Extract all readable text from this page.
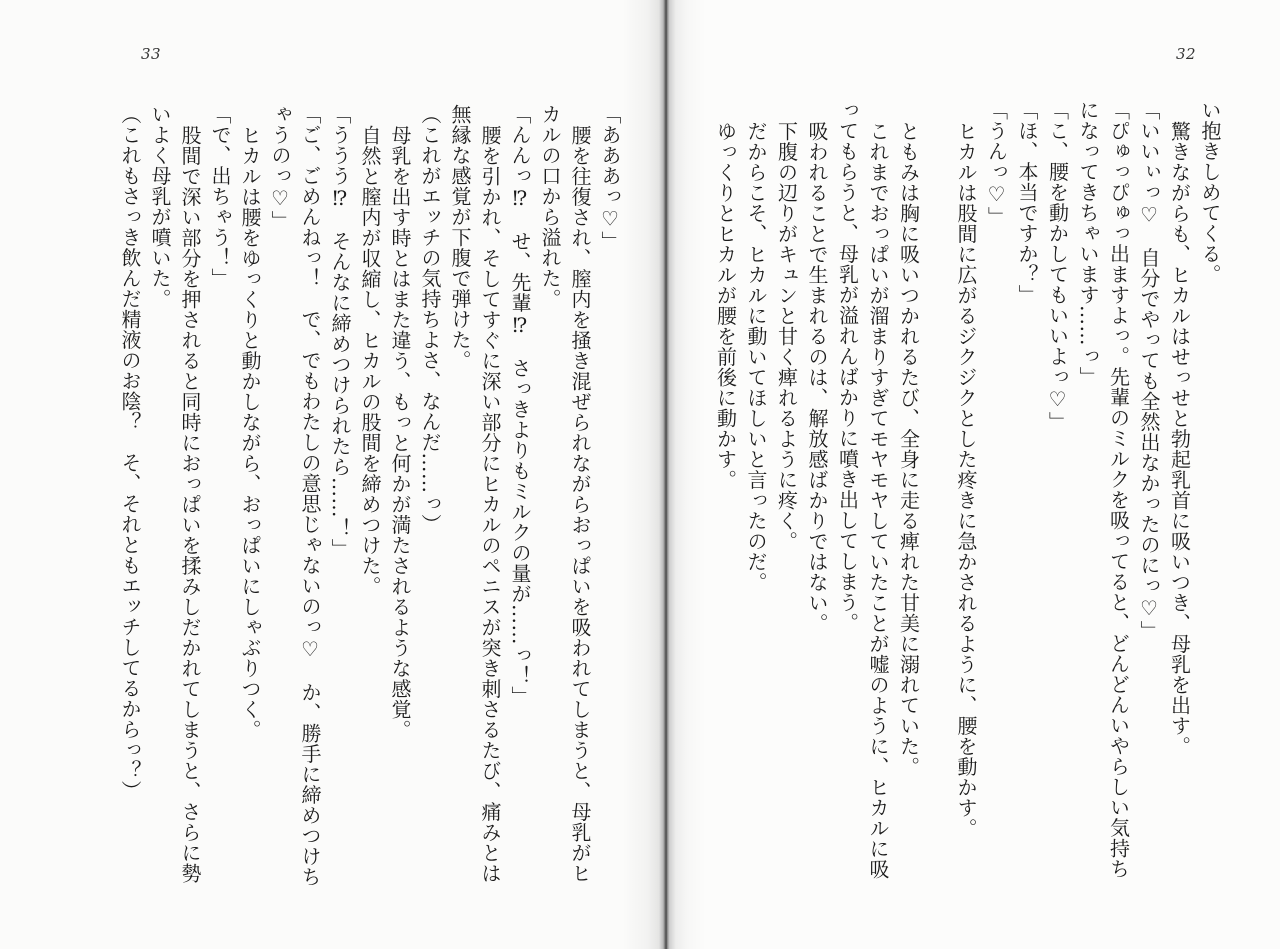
33	32
「あああっ♡」
腰を往復され、膣内を掻き混ぜられながらおっぱいを吸われてしまうと、母乳がヒ
カルの口から溢れた。
「んんっ⁉　せ、先輩⁉　さっきよりもミルクの量が……っ！」
腰を引かれ、そしてすぐに深い部分にヒカルのペニスが突き刺さるたび、痛みとは
無縁な感覚が下腹で弾けた。
（これがエッチの気持ちよさ、なんだ……っ）
母乳を出す時とはまた違う、もっと何かが満たされるような感覚。
自然と膣内が収縮し、ヒカルの股間を締めつけた。
「ううう⁉　そんなに締めつけられたら……！」
「ご、ごめんねっ！　で、でもわたしの意思じゃないのっ♡　か、勝手に締めつけち
ゃうのっ♡」
ヒカルは腰をゆっくりと動かしながら、おっぱいにしゃぶりつく。
「で、出ちゃう！」
股間で深い部分を押されると同時におっぱいを揉みしだかれてしまうと、さらに勢
いよく母乳が噴いた。
（これもさっき飲んだ精液のお陰？　そ、それともエッチしてるからっ？）	い抱きしめてくる。
驚きながらも、ヒカルはせっせと勃起乳首に吸いつき、母乳を出す。
「いいぃっ♡　自分でやっても全然出なかったのにっ♡」
「ぴゅっぴゅっ出ますよっ。先輩のミルクを吸ってると、どんどんいやらしい気持ち
になってきちゃいます……っ」
「こ、腰を動かしてもいいよっ♡」
「ほ、本当ですか？」
「うんっ♡」
ヒカルは股間に広がるジクジクとした疼きに急かされるように、腰を動かす。
ともみは胸に吸いつかれるたび、全身に走る痺れた甘美に溺れていた。
これまでおっぱいが溜まりすぎてモヤモヤしていたことが嘘のように、ヒカルに吸
ってもらうと、母乳が溢れんばかりに噴き出してしまう。
吸われることで生まれるのは、解放感ばかりではない。
下腹の辺りがキュンと甘く痺れるように疼く。
だからこそ、ヒカルに動いてほしいと言ったのだ。
ゆっくりとヒカルが腰を前後に動かす。
